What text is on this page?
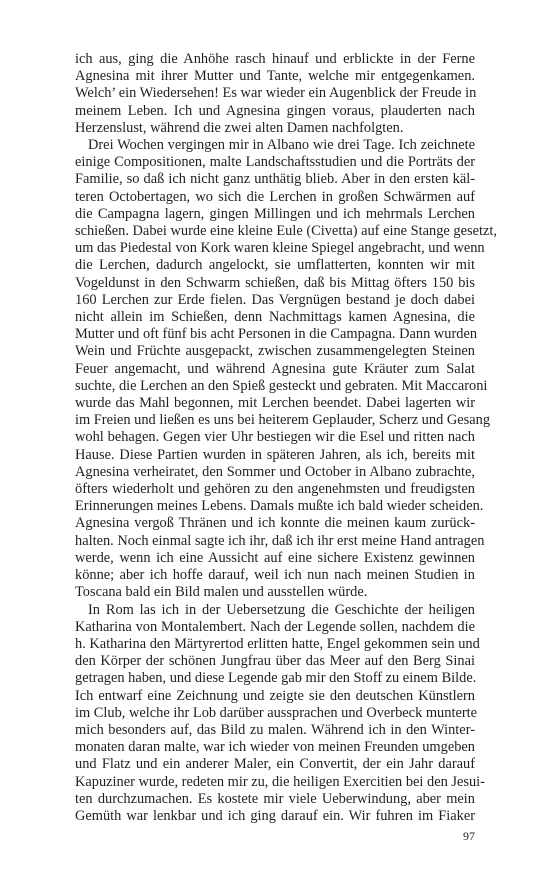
ich aus, ging die Anhöhe rasch hinauf und erblickte in der Ferne
Agnesina mit ihrer Mutter und Tante, welche mir entgegenkamen.
Welch’ ein Wiedersehen! Es war wieder ein Augenblick der Freude in
meinem Leben. Ich und Agnesina gingen voraus, plauderten nach
Herzenslust, während die zwei alten Damen nachfolgten.
Drei Wochen vergingen mir in Albano wie drei Tage. Ich zeichnete
einige Compositionen, malte Landschaftsstudien und die Porträts der
Familie, so daß ich nicht ganz unthätig blieb. Aber in den ersten käl-
teren Octobertagen, wo sich die Lerchen in großen Schwärmen auf
die Campagna lagern, gingen Millingen und ich mehrmals Lerchen
schießen. Dabei wurde eine kleine Eule (Civetta) auf eine Stange gesetzt,
um das Piedestal von Kork waren kleine Spiegel angebracht, und wenn
die Lerchen, dadurch angelockt, sie umflatterten, konnten wir mit
Vogeldunst in den Schwarm schießen, daß bis Mittag öfters 150 bis
160 Lerchen zur Erde fielen. Das Vergnügen bestand je doch dabei
nicht allein im Schießen, denn Nachmittags kamen Agnesina, die
Mutter und oft fünf bis acht Personen in die Campagna. Dann wurden
Wein und Früchte ausgepackt, zwischen zusammengelegten Steinen
Feuer angemacht, und während Agnesina gute Kräuter zum Salat
suchte, die Lerchen an den Spieß gesteckt und gebraten. Mit Maccaroni
wurde das Mahl begonnen, mit Lerchen beendet. Dabei lagerten wir
im Freien und ließen es uns bei heiterem Geplauder, Scherz und Gesang
wohl behagen. Gegen vier Uhr bestiegen wir die Esel und ritten nach
Hause. Diese Partien wurden in späteren Jahren, als ich, bereits mit
Agnesina verheiratet, den Sommer und October in Albano zubrachte,
öfters wiederholt und gehören zu den angenehmsten und freudigsten
Erinnerungen meines Lebens. Damals mußte ich bald wieder scheiden.
Agnesina vergoß Thränen und ich konnte die meinen kaum zurück-
halten. Noch einmal sagte ich ihr, daß ich ihr erst meine Hand antragen
werde, wenn ich eine Aussicht auf eine sichere Existenz gewinnen
könne; aber ich hoffe darauf, weil ich nun nach meinen Studien in
Toscana bald ein Bild malen und ausstellen würde.
In Rom las ich in der Uebersetzung die Geschichte der heiligen
Katharina von Montalembert. Nach der Legende sollen, nachdem die
h. Katharina den Märtyrertod erlitten hatte, Engel gekommen sein und
den Körper der schönen Jungfrau über das Meer auf den Berg Sinai
getragen haben, und diese Legende gab mir den Stoff zu einem Bilde.
Ich entwarf eine Zeichnung und zeigte sie den deutschen Künstlern
im Club, welche ihr Lob darüber aussprachen und Overbeck munterte
mich besonders auf, das Bild zu malen. Während ich in den Winter-
monaten daran malte, war ich wieder von meinen Freunden umgeben
und Flatz und ein anderer Maler, ein Convertit, der ein Jahr darauf
Kapuziner wurde, redeten mir zu, die heiligen Exercitien bei den Jesui-
ten durchzumachen. Es kostete mir viele Ueberwindung, aber mein
Gemüth war lenkbar und ich ging darauf ein. Wir fuhren im Fiaker
97
